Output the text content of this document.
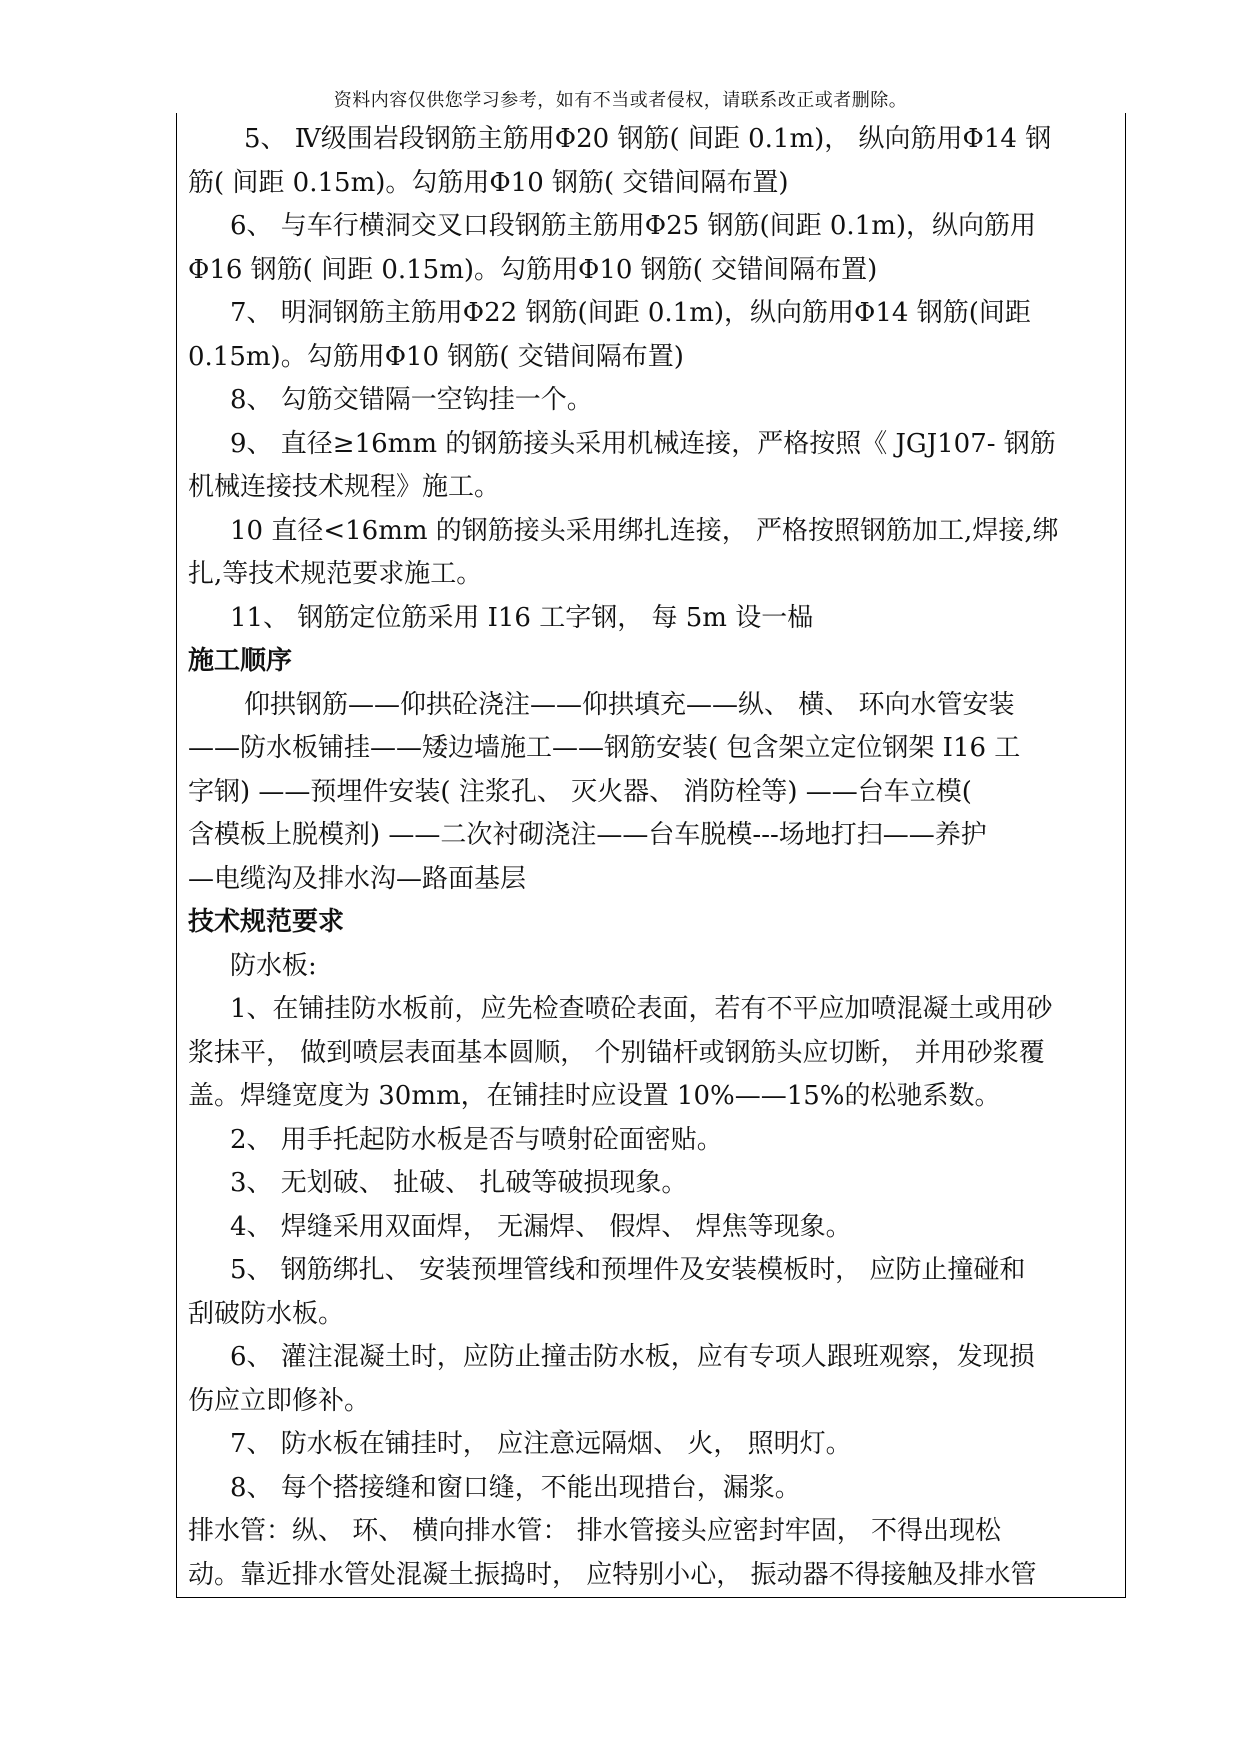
资料内容仅供您学习参考，如有不当或者侵权，请联系改正或者删除。
5、 Ⅳ级围岩段钢筋主筋用Φ20 钢筋( 间距 0.1m)， 纵向筋用Φ14 钢
筋( 间距 0.15m)。勾筋用Φ10 钢筋( 交错间隔布置)
6、 与车行横洞交叉口段钢筋主筋用Φ25 钢筋(间距 0.1m)，纵向筋用
Φ16 钢筋( 间距 0.15m)。勾筋用Φ10 钢筋( 交错间隔布置)
7、 明洞钢筋主筋用Φ22 钢筋(间距 0.1m)，纵向筋用Φ14 钢筋(间距
0.15m)。勾筋用Φ10 钢筋( 交错间隔布置)
8、 勾筋交错隔一空钩挂一个。
9、 直径≥16mm 的钢筋接头采用机械连接，严格按照《 JGJ107- 钢筋
机械连接技术规程》施工。
10 直径<16mm 的钢筋接头采用绑扎连接， 严格按照钢筋加工,焊接,绑
扎,等技术规范要求施工。
11、 钢筋定位筋采用 I16 工字钢， 每 5m 设一榀
施工顺序
仰拱钢筋——仰拱砼浇注——仰拱填充——纵、 横、 环向水管安装
——防水板铺挂——矮边墙施工——钢筋安装( 包含架立定位钢架 I16 工
字钢) ——预埋件安装( 注浆孔、 灭火器、 消防栓等) ——台车立模(
含模板上脱模剂) ——二次衬砌浇注——台车脱模---场地打扫——养护
—电缆沟及排水沟—路面基层
技术规范要求
防水板:
1、在铺挂防水板前，应先检查喷砼表面，若有不平应加喷混凝土或用砂
浆抹平， 做到喷层表面基本圆顺， 个别锚杆或钢筋头应切断， 并用砂浆覆
盖。焊缝宽度为 30mm，在铺挂时应设置 10%——15%的松驰系数。
2、 用手托起防水板是否与喷射砼面密贴。
3、 无划破、 扯破、 扎破等破损现象。
4、 焊缝采用双面焊， 无漏焊、 假焊、 焊焦等现象。
5、 钢筋绑扎、 安装预埋管线和预埋件及安装模板时， 应防止撞碰和
刮破防水板。
6、 灌注混凝土时，应防止撞击防水板，应有专项人跟班观察，发现损
伤应立即修补。
7、 防水板在铺挂时， 应注意远隔烟、 火， 照明灯。
8、 每个搭接缝和窗口缝，不能出现措台，漏浆。
排水管：纵、 环、 横向排水管： 排水管接头应密封牢固， 不得出现松
动。靠近排水管处混凝土振捣时， 应特别小心， 振动器不得接触及排水管
